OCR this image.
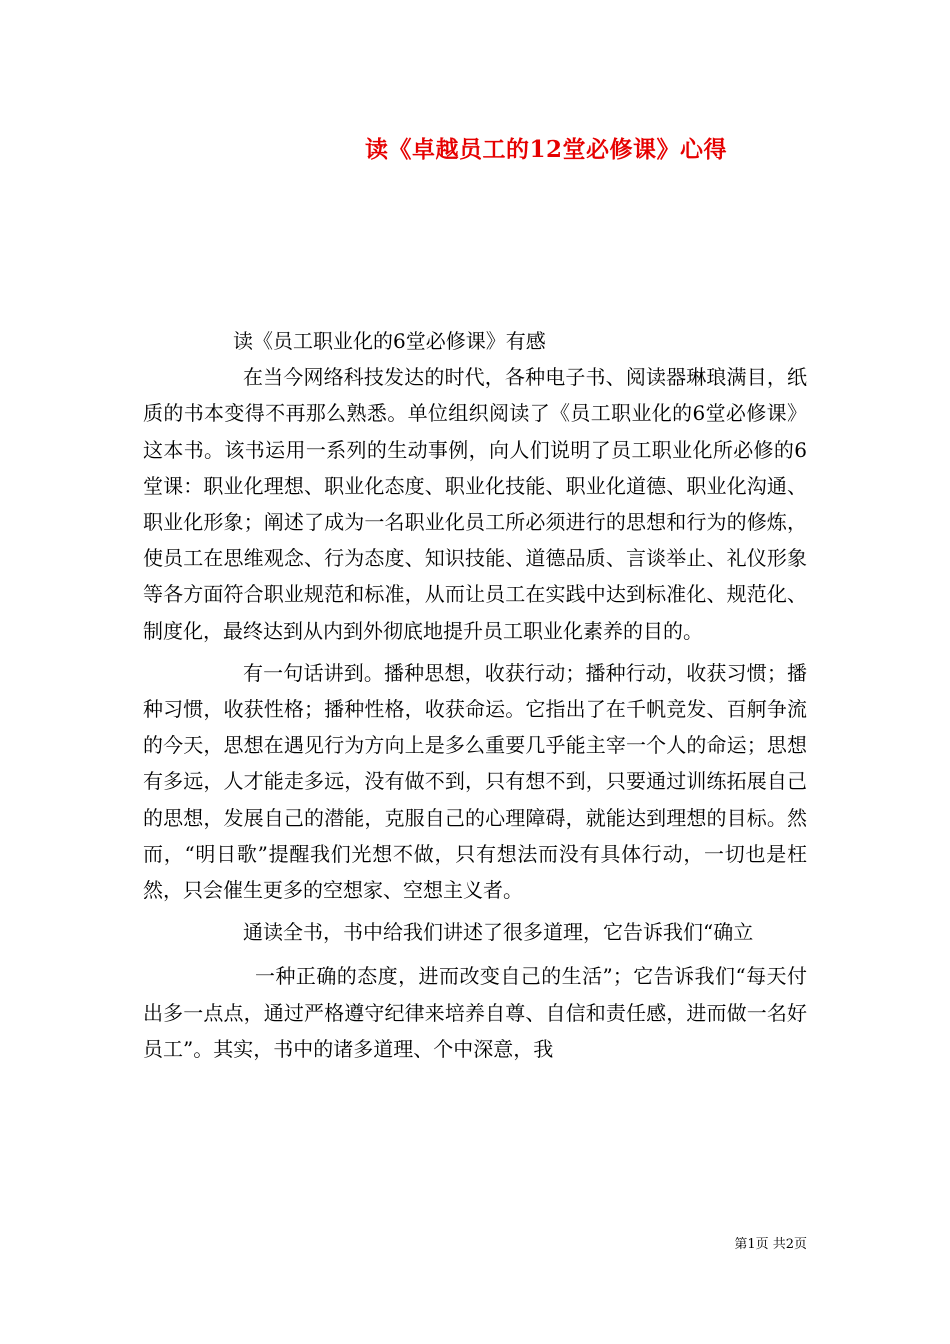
读《卓越员工的12堂必修课》心得

读《员工职业化的6堂必修课》有感

在当今网络科技发达的时代，各种电子书、阅读器琳琅满目，纸质的书本变得不再那么熟悉。单位组织阅读了《员工职业化的6堂必修课》这本书。该书运用一系列的生动事例，向人们说明了员工职业化所必修的6堂课：职业化理想、职业化态度、职业化技能、职业化道德、职业化沟通、职业化形象；阐述了成为一名职业化员工所必须进行的思想和行为的修炼，使员工在思维观念、行为态度、知识技能、道德品质、言谈举止、礼仪形象等各方面符合职业规范和标准，从而让员工在实践中达到标准化、规范化、制度化，最终达到从内到外彻底地提升员工职业化素养的目的。

有一句话讲到。播种思想，收获行动；播种行动，收获习惯；播种习惯，收获性格；播种性格，收获命运。它指出了在千帆竞发、百舸争流的今天，思想在遇见行为方向上是多么重要几乎能主宰一个人的命运；思想有多远，人才能走多远，没有做不到，只有想不到，只要通过训练拓展自己的思想，发展自己的潜能，克服自己的心理障碍，就能达到理想的目标。然而，“明日歌”提醒我们光想不做，只有想法而没有具体行动，一切也是枉然，只会催生更多的空想家、空想主义者。

通读全书，书中给我们讲述了很多道理，它告诉我们“确立

一种正确的态度，进而改变自己的生活”；它告诉我们“每天付出多一点点，通过严格遵守纪律来培养自尊、自信和责任感，进而做一名好员工”。其实，书中的诸多道理、个中深意，我

第1页 共2页
